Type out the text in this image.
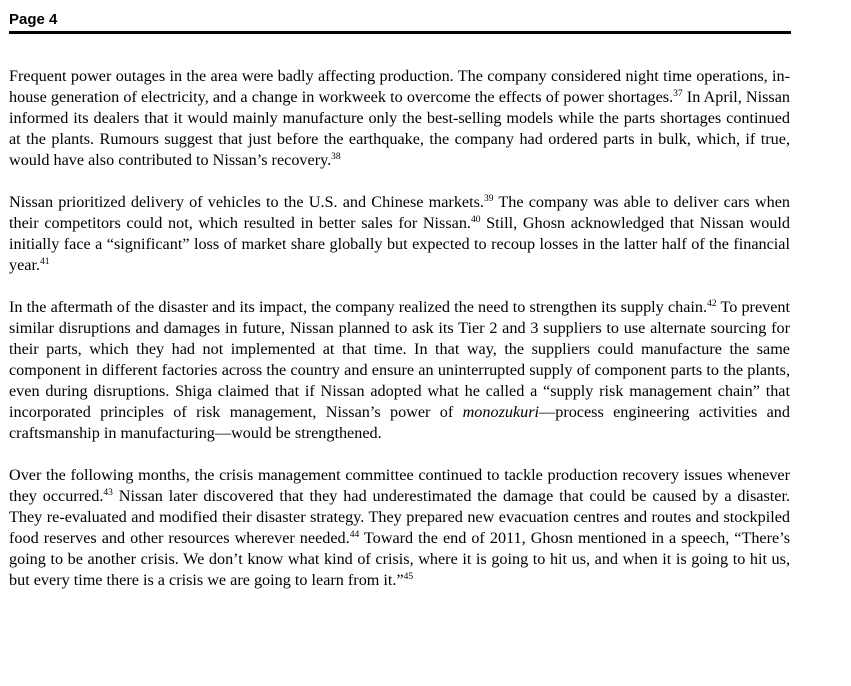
Page 4

Frequent power outages in the area were badly affecting production. The company considered night time operations, in-house generation of electricity, and a change in workweek to overcome the effects of power shortages.$^{37}$ In April, Nissan informed its dealers that it would mainly manufacture only the best-selling models while the parts shortages continued at the plants. Rumours suggest that just before the earthquake, the company had ordered parts in bulk, which, if true, would have also contributed to Nissan’s recovery.$^{38}$

Nissan prioritized delivery of vehicles to the U.S. and Chinese markets.$^{39}$ The company was able to deliver cars when their competitors could not, which resulted in better sales for Nissan.$^{40}$ Still, Ghosn acknowledged that Nissan would initially face a “significant” loss of market share globally but expected to recoup losses in the latter half of the financial year.$^{41}$

In the aftermath of the disaster and its impact, the company realized the need to strengthen its supply chain.$^{42}$ To prevent similar disruptions and damages in future, Nissan planned to ask its Tier 2 and 3 suppliers to use alternate sourcing for their parts, which they had not implemented at that time. In that way, the suppliers could manufacture the same component in different factories across the country and ensure an uninterrupted supply of component parts to the plants, even during disruptions. Shiga claimed that if Nissan adopted what he called a “supply risk management chain” that incorporated principles of risk management, Nissan’s power of monozukuri—process engineering activities and craftsmanship in manufacturing—would be strengthened.

Over the following months, the crisis management committee continued to tackle production recovery issues whenever they occurred.$^{43}$ Nissan later discovered that they had underestimated the damage that could be caused by a disaster. They re-evaluated and modified their disaster strategy. They prepared new evacuation centres and routes and stockpiled food reserves and other resources wherever needed.$^{44}$ Toward the end of 2011, Ghosn mentioned in a speech, “There’s going to be another crisis. We don’t know what kind of crisis, where it is going to hit us, and when it is going to hit us, but every time there is a crisis we are going to learn from it.”$^{45}$
